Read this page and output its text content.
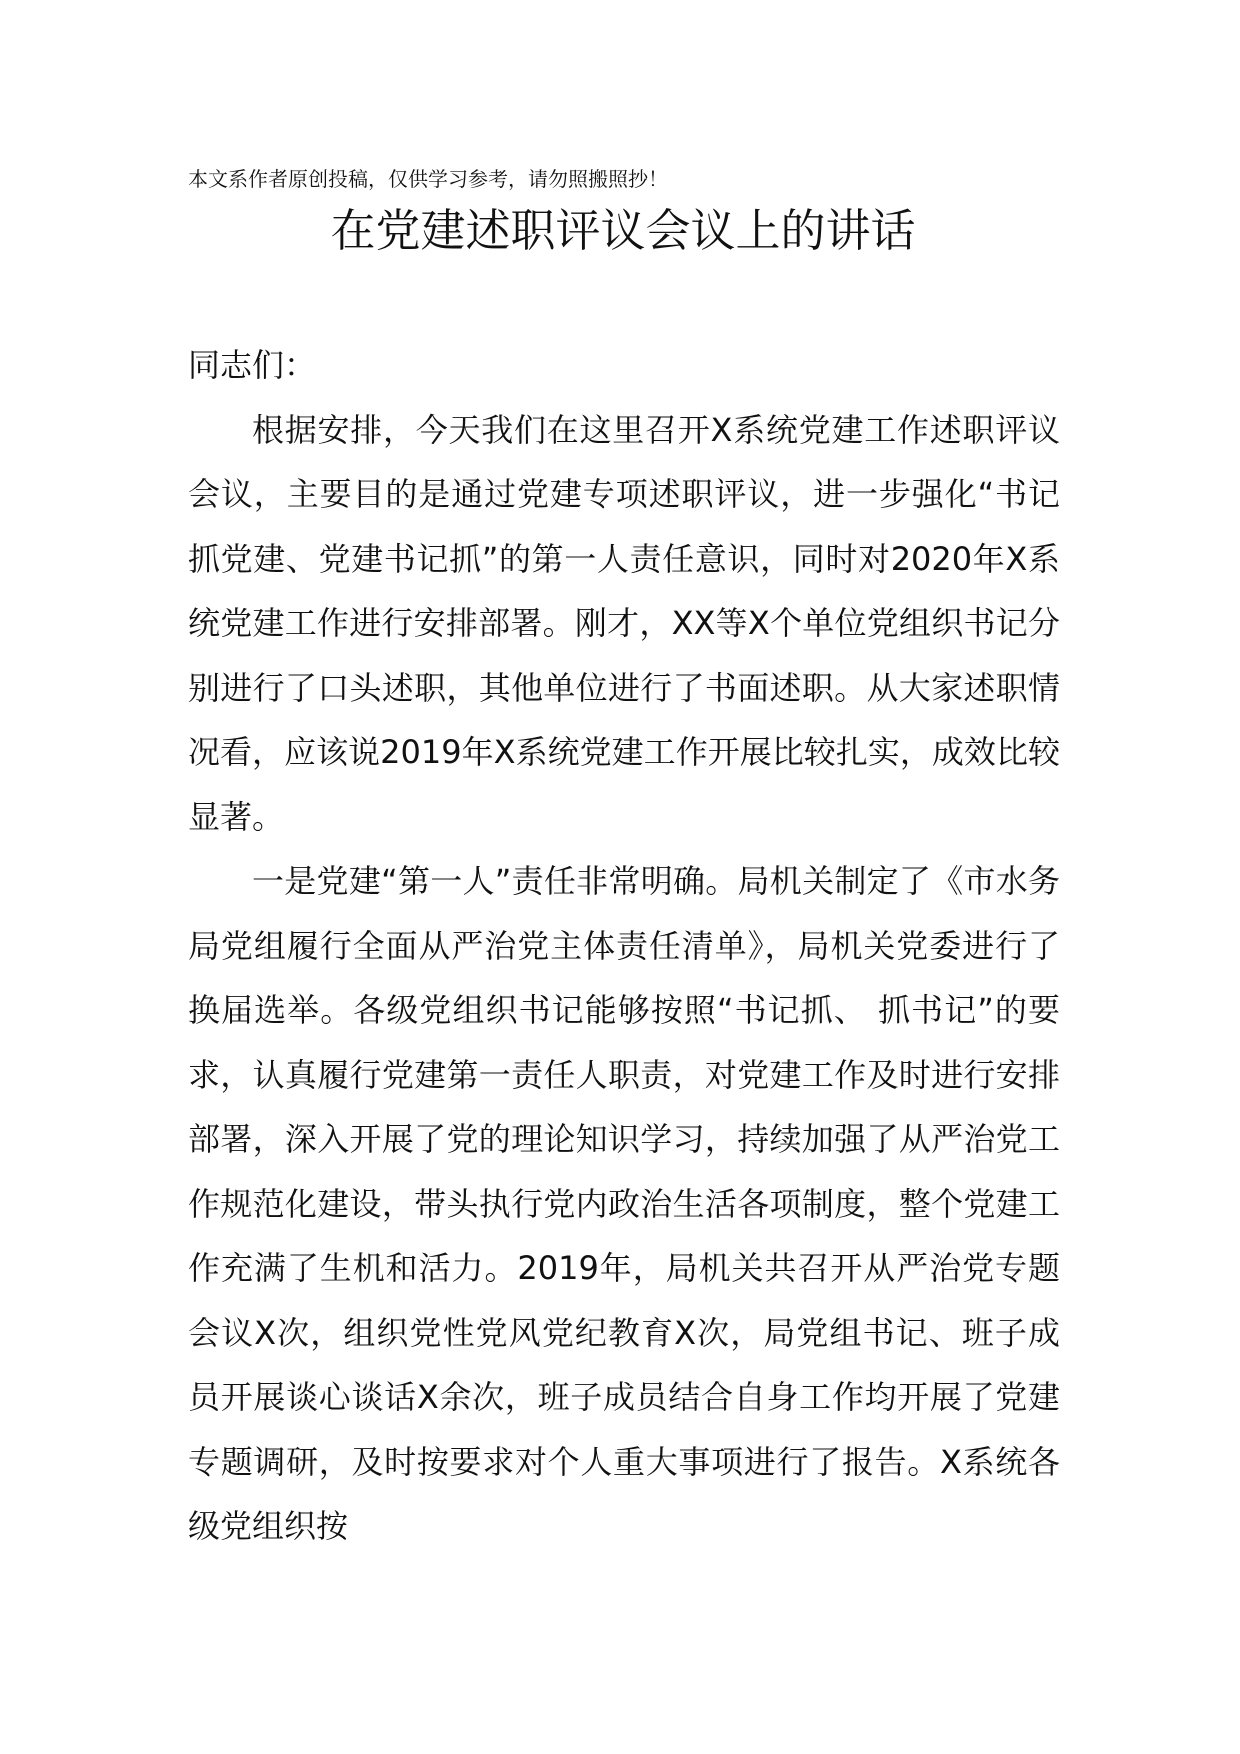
本文系作者原创投稿，仅供学习参考，请勿照搬照抄！
在党建述职评议会议上的讲话

同志们：

根据安排，今天我们在这里召开X系统党建工作述职评议会议，主要目的是通过党建专项述职评议，进一步强化“书记抓党建、党建书记抓”的第一人责任意识，同时对2020年X系统党建工作进行安排部署。刚才，XX等X个单位党组织书记分别进行了口头述职，其他单位进行了书面述职。从大家述职情况看，应该说2019年X系统党建工作开展比较扎实，成效比较显著。

一是党建“第一人”责任非常明确。局机关制定了《市水务局党组履行全面从严治党主体责任清单》，局机关党委进行了换届选举。各级党组织书记能够按照“书记抓、 抓书记”的要求，认真履行党建第一责任人职责，对党建工作及时进行安排部署，深入开展了党的理论知识学习，持续加强了从严治党工作规范化建设，带头执行党内政治生活各项制度，整个党建工作充满了生机和活力。2019年，局机关共召开从严治党专题会议X次，组织党性党风党纪教育X次，局党组书记、班子成员开展谈心谈话X余次，班子成员结合自身工作均开展了党建专题调研，及时按要求对个人重大事项进行了报告。X系统各级党组织按
